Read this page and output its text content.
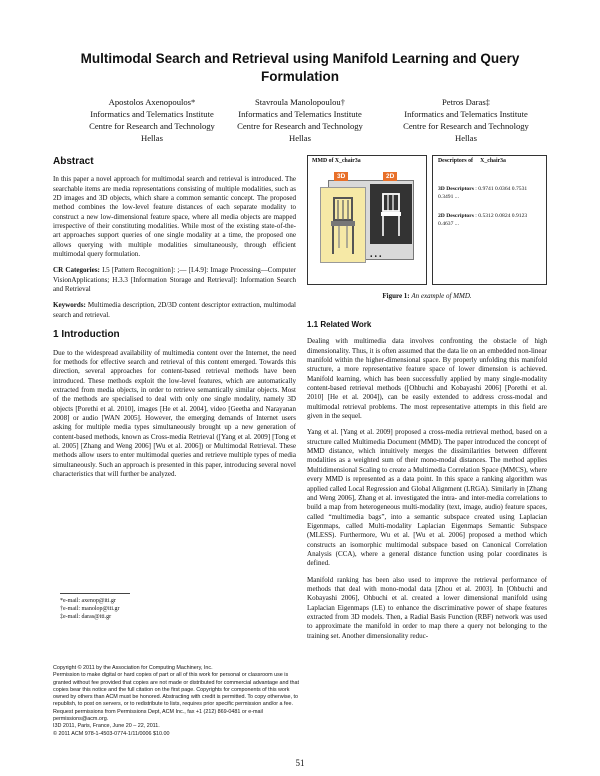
Multimodal Search and Retrieval using Manifold Learning and Query Formulation
Apostolos Axenopoulos*
Informatics and Telematics Institute
Centre for Research and Technology
Hellas
Stavroula Manolopoulou†
Informatics and Telematics Institute
Centre for Research and Technology
Hellas
Petros Daras‡
Informatics and Telematics Institute
Centre for Research and Technology
Hellas
Abstract

In this paper a novel approach for multimodal search and retrieval is introduced. The searchable items are media representations consisting of multiple modalities, such as 2D images and 3D objects, which share a common semantic concept. The proposed method combines the low-level feature distances of each separate modality to construct a new low-dimensional feature space, where all media objects are mapped irrespective of their constituting modalities. While most of the existing state-of-the-art approaches support queries of one single modality at a time, the proposed one allows querying with multiple modalities simultaneously, through efficient multimodal query formulation.

CR Categories: I.5 [Pattern Recognition]: ;— [I.4.9]: Image Processing—Computer VisionApplications; H.3.3 [Information Storage and Retrieval]: Information Search and Retrieval

Keywords: Multimedia description, 2D/3D content descriptor extraction, multimodal search and retrieval.

1 Introduction

Due to the widespread availability of multimedia content over the Internet, the need for methods for effective search and retrieval of this content emerged. Towards this direction, several approaches for content-based retrieval methods have been introduced. These methods exploit the low-level features, which are automatically extracted from media objects, in order to retrieve semantically similar objects. Most of the methods are specialised to deal with only one single modality, namely 3D objects [Porethi et al. 2010], images [He et al. 2004], video [Geetha and Narayanan 2008] or audio [WAN 2005]. However, the emerging demands of Internet users asking for multiple media types simultaneously brought up a new generation of content-based methods, known as Cross-media Retrieval ([Yang et al. 2009] [Tong et al. 2005] [Zhang and Weng 2006] [Wu et al. 2006]) or Multimodal Retrieval. These methods allow users to enter multimodal queries and retrieve multiple types of media simultaneously. Such an approach is presented in this paper, introducing several novel characteristics that will further be analyzed.

*e-mail: axenop@iti.gr
†e-mail: manolop@iti.gr
‡e-mail: daras@iti.gr

Copyright © 2011 by the Association for Computing Machinery, Inc.

Permission to make digital or hard copies of part or all of this work for personal or classroom use is granted without fee provided that copies are not made or distributed for commercial advantage and that copies bear this notice and the full citation on the first page. Copyrights for components of this work owned by others than ACM must be honored. Abstracting with credit is permitted. To copy otherwise, to republish, to post on servers, or to redistribute to lists, requires prior specific permission and/or a fee. Request permissions from Permissions Dept, ACM Inc., fax +1 (212) 869-0481 or e-mail permissions@acm.org.

I3D 2011, Paris, France, June 20 – 22, 2011.

© 2011 ACM 978-1-4503-0774-1/11/0006 $10.00

MMD of X_chair3a
3D	2D
...
Descriptors of     X_chair3a
3D Descriptors : 0.9741 0.0364 0.7531 0.3491 ...
2D Descriptors : 0.5312 0.0824 0.9123 0.4637 ...
Figure 1: An example of MMD.
1.1 Related Work

Dealing with multimedia data involves confronting the obstacle of high dimensionality. Thus, it is often assumed that the data lie on an embedded non-linear manifold within the higher-dimensional space. By properly unfolding this manifold structure, a more representative feature space of lower dimension is achieved. Manifold learning, which has been successfully applied by many single-modality content-based retrieval methods ([Ohbuchi and Kobayashi 2006] [Porethi et al. 2010] [He et al. 2004]), can be easily extended to address cross-modal and multimodal retrieval problems. The most representative attempts in this field are given in the sequel.

Yang et al. [Yang et al. 2009] proposed a cross-media retrieval method, based on a structure called Multimedia Document (MMD). The paper introduced the concept of MMD distance, which intuitively merges the dissimilarities between different modalities as a weighted sum of their mono-modal distances. The method applies Multidimensional Scaling to create a Multimedia Correlation Space (MMCS), where every MMD is represented as a data point. In this space a ranking algorithm was applied called Local Regression and Global Alignment (LRGA). Similarly in [Zhang and Weng 2006], Zhang et al. investigated the intra- and inter-media correlations to build a map from heterogeneous multi-modality (text, image, audio) feature spaces, called “multimedia bags”, into a semantic subspace created using Laplacian Eigenmaps, called Multi-modality Laplacian Eigenmaps Semantic Subspace (MLESS). Furthermore, Wu et al. [Wu et al. 2006] proposed a method which constructs an isomorphic multimodal subspace based on Canonical Correlation Analysis (CCA), where a general distance function using polar coordinates is defined.

Manifold ranking has been also used to improve the retrieval performance of methods that deal with mono-modal data [Zhou et al. 2003]. In [Ohbuchi and Kobayashi 2006], Ohbuchi et al. created a lower dimensional manifold using Laplacian Eigenmaps (LE) to enhance the discriminative power of shape features extracted from 3D models. Then, a Radial Basis Function (RBF) network was used to approximate the manifold in order to map there a query not belonging to the training set. Another dimensionality reduc-

51
